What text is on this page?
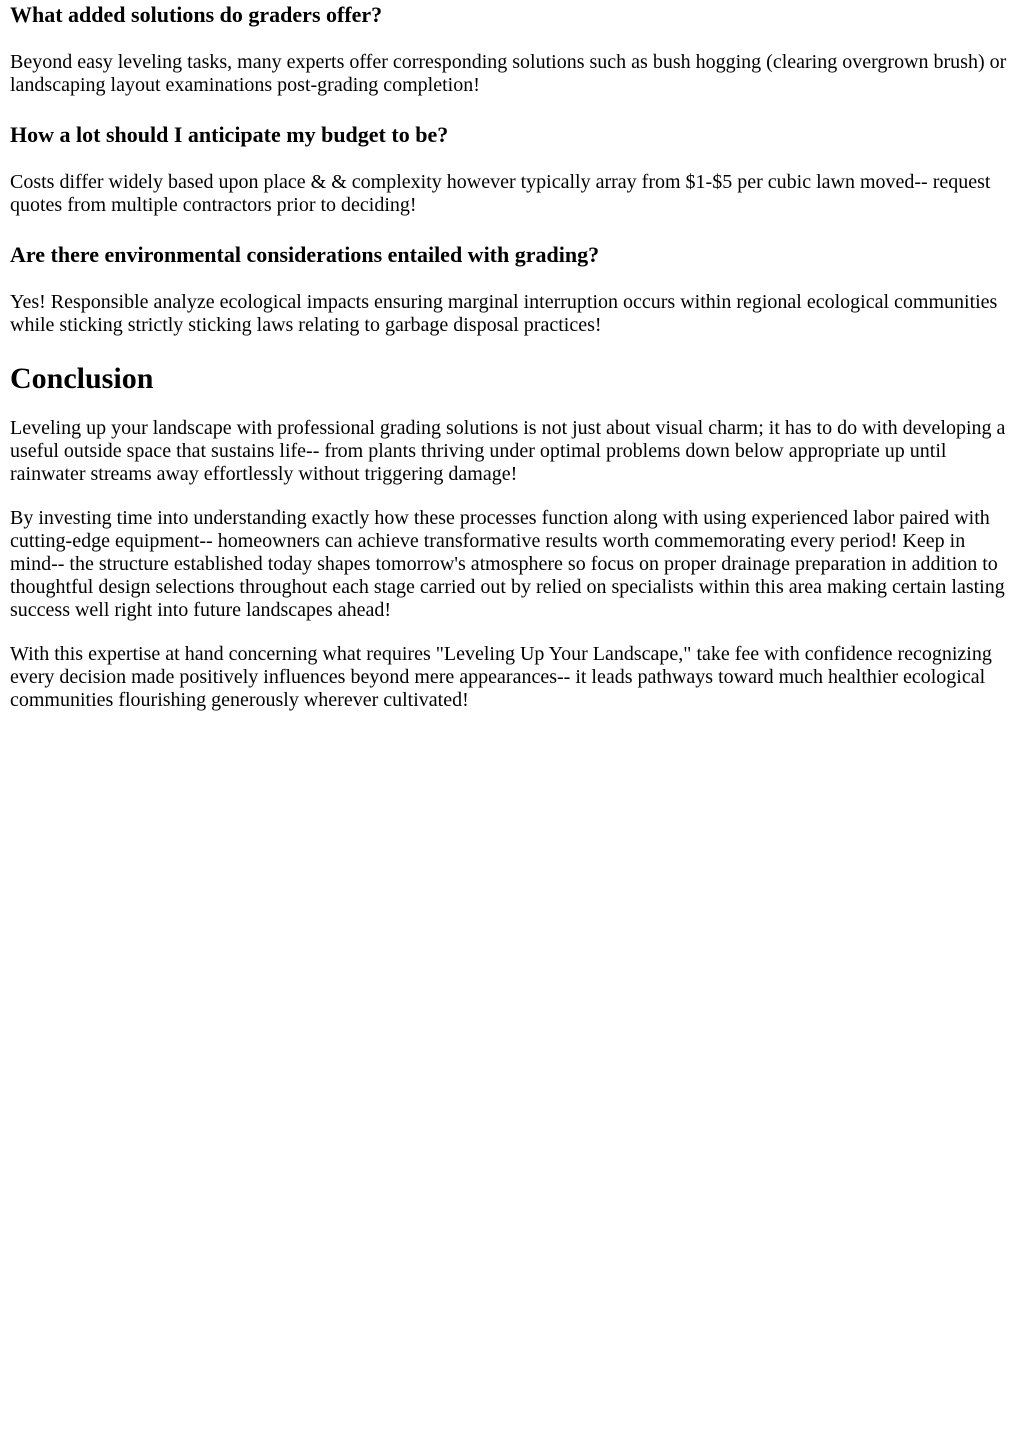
What added solutions do graders offer?

Beyond easy leveling tasks, many experts offer corresponding solutions such as bush hogging (clearing overgrown brush) or landscaping layout examinations post-grading completion!

How a lot should I anticipate my budget to be?

Costs differ widely based upon place & & complexity however typically array from $1-$5 per cubic lawn moved-- request quotes from multiple contractors prior to deciding!

Are there environmental considerations entailed with grading?

Yes! Responsible analyze ecological impacts ensuring marginal interruption occurs within regional ecological communities while sticking strictly sticking laws relating to garbage disposal practices!

Conclusion

Leveling up your landscape with professional grading solutions is not just about visual charm; it has to do with developing a useful outside space that sustains life-- from plants thriving under optimal problems down below appropriate up until rainwater streams away effortlessly without triggering damage!

By investing time into understanding exactly how these processes function along with using experienced labor paired with cutting-edge equipment-- homeowners can achieve transformative results worth commemorating every period! Keep in mind-- the structure established today shapes tomorrow's atmosphere so focus on proper drainage preparation in addition to thoughtful design selections throughout each stage carried out by relied on specialists within this area making certain lasting success well right into future landscapes ahead!

With this expertise at hand concerning what requires "Leveling Up Your Landscape," take fee with confidence recognizing every decision made positively influences beyond mere appearances-- it leads pathways toward much healthier ecological communities flourishing generously wherever cultivated!
